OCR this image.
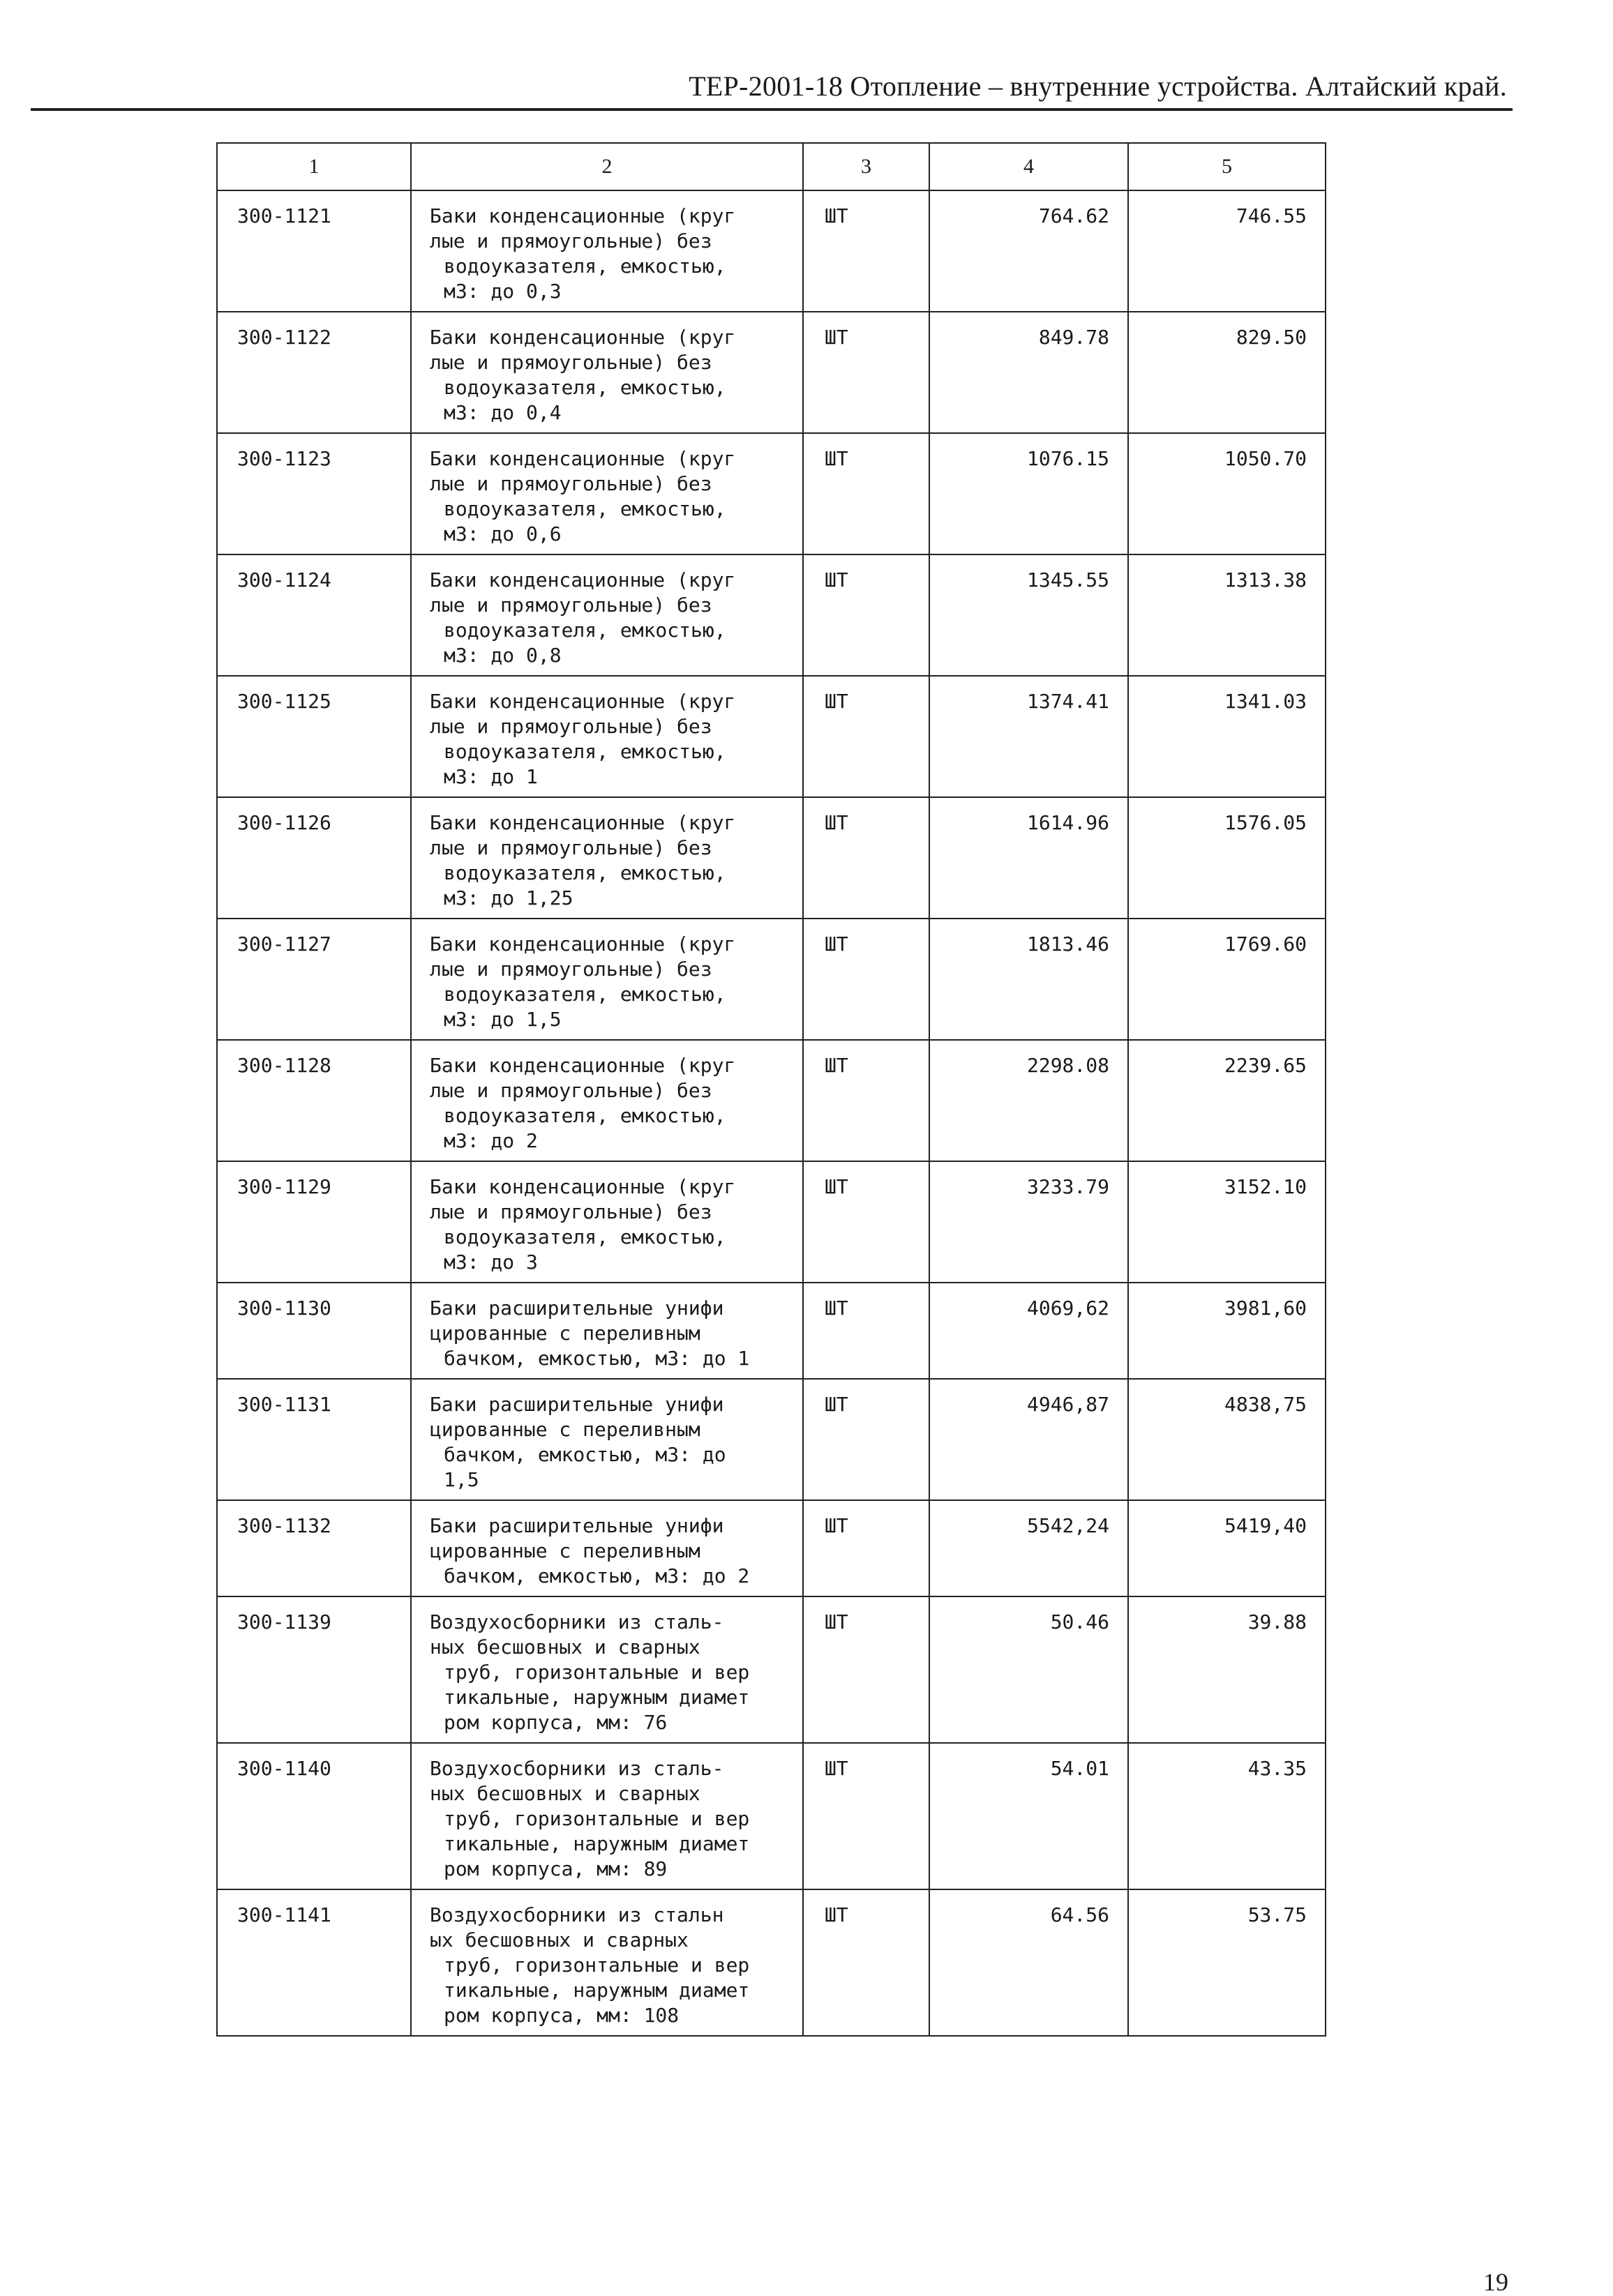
ТЕР-2001-18 Отопление – внутренние устройства. Алтайский край.
1	2	3	4	5
300-1121	Баки конденсационные (круг
лые и прямоугольные) без
водоуказателя, емкостью,
м3: до 0,3	ШТ	764.62	746.55
300-1122	Баки конденсационные (круг
лые и прямоугольные) без
водоуказателя, емкостью,
м3: до 0,4	ШТ	849.78	829.50
300-1123	Баки конденсационные (круг
лые и прямоугольные) без
водоуказателя, емкостью,
м3: до 0,6	ШТ	1076.15	1050.70
300-1124	Баки конденсационные (круг
лые и прямоугольные) без
водоуказателя, емкостью,
м3: до 0,8	ШТ	1345.55	1313.38
300-1125	Баки конденсационные (круг
лые и прямоугольные) без
водоуказателя, емкостью,
м3: до 1	ШТ	1374.41	1341.03
300-1126	Баки конденсационные (круг
лые и прямоугольные) без
водоуказателя, емкостью,
м3: до 1,25	ШТ	1614.96	1576.05
300-1127	Баки конденсационные (круг
лые и прямоугольные) без
водоуказателя, емкостью,
м3: до 1,5	ШТ	1813.46	1769.60
300-1128	Баки конденсационные (круг
лые и прямоугольные) без
водоуказателя, емкостью,
м3: до 2	ШТ	2298.08	2239.65
300-1129	Баки конденсационные (круг
лые и прямоугольные) без
водоуказателя, емкостью,
м3: до 3	ШТ	3233.79	3152.10
300-1130	Баки расширительные унифи
цированные с переливным
бачком, емкостью, м3: до 1	ШТ	4069,62	3981,60
300-1131	Баки расширительные унифи
цированные с переливным
бачком, емкостью, м3: до
1,5	ШТ	4946,87	4838,75
300-1132	Баки расширительные унифи
цированные с переливным
бачком, емкостью, м3: до 2	ШТ	5542,24	5419,40
300-1139	Воздухосборники из сталь-
ных бесшовных и сварных
труб, горизонтальные и вер
тикальные, наружным диамет
ром корпуса, мм: 76	ШТ	50.46	39.88
300-1140	Воздухосборники из сталь-
ных бесшовных и сварных
труб, горизонтальные и вер
тикальные, наружным диамет
ром корпуса, мм: 89	ШТ	54.01	43.35
300-1141	Воздухосборники из стальн
ых бесшовных и сварных
труб, горизонтальные и вер
тикальные, наружным диамет
ром корпуса, мм: 108	ШТ	64.56	53.75
19
